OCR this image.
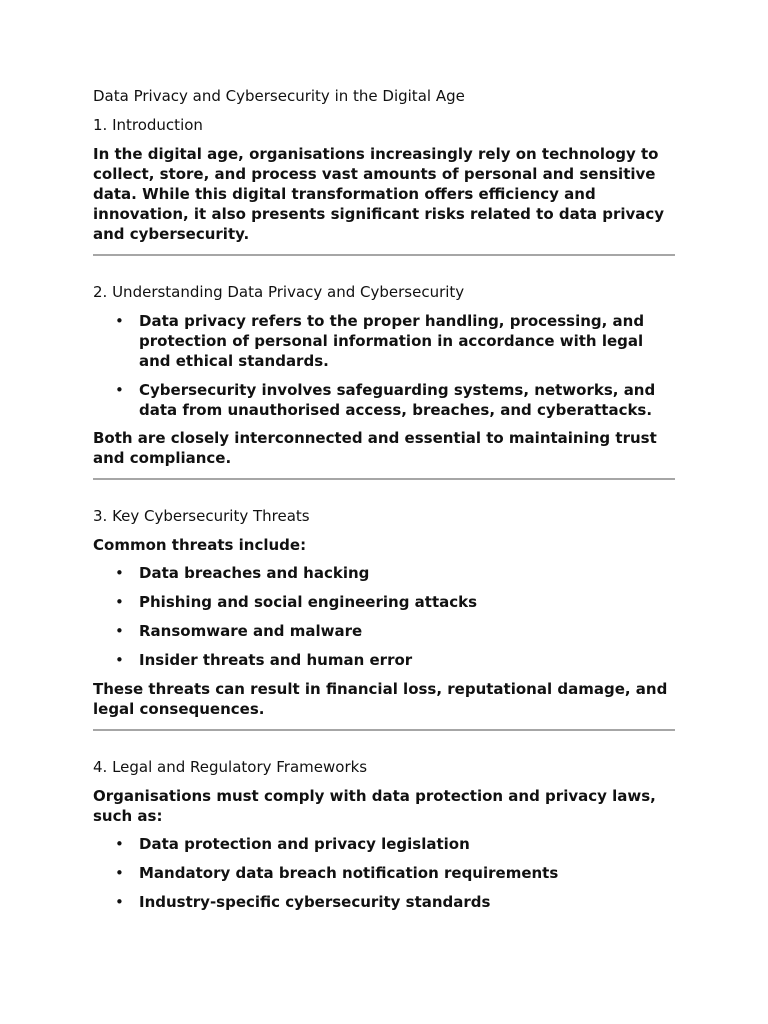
Data Privacy and Cybersecurity in the Digital Age
1. Introduction

In the digital age, organisations increasingly rely on technology to collect, store, and process vast amounts of personal and sensitive data. While this digital transformation offers efficiency and innovation, it also presents significant risks related to data privacy and cybersecurity.

2. Understanding Data Privacy and Cybersecurity
• Data privacy refers to the proper handling, processing, and protection of personal information in accordance with legal and ethical standards.
• Cybersecurity involves safeguarding systems, networks, and data from unauthorised access, breaches, and cyberattacks.

Both are closely interconnected and essential to maintaining trust and compliance.

3. Key Cybersecurity Threats

Common threats include:

• Data breaches and hacking
• Phishing and social engineering attacks
• Ransomware and malware
• Insider threats and human error

These threats can result in financial loss, reputational damage, and legal consequences.

4. Legal and Regulatory Frameworks

Organisations must comply with data protection and privacy laws, such as:

• Data protection and privacy legislation
• Mandatory data breach notification requirements
• Industry-specific cybersecurity standards
